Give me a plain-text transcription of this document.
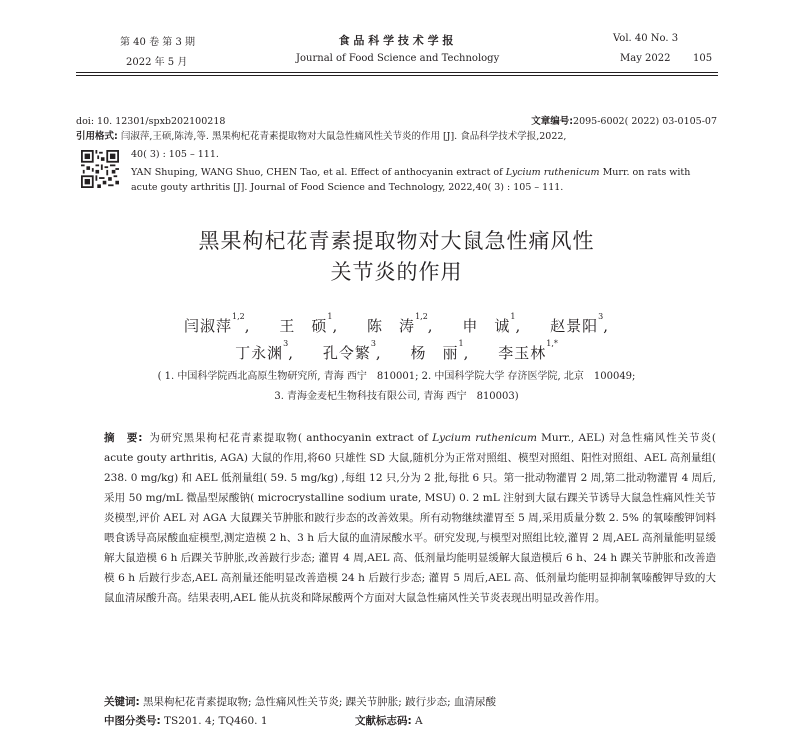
第 40 卷 第 3 期
2022 年 5 月
食 品 科 学 技 术 学 报
Journal of Food Science and Technology
Vol. 40 No. 3
May 2022 105
doi: 10. 12301/spxb202100218	文章编号:2095-6002( 2022) 03-0105-07
引用格式: 闫淑萍,王硕,陈涛,等. 黑果枸杞花青素提取物对大鼠急性痛风性关节炎的作用 [J]. 食品科学技术学报,2022,
40( 3) : 105 – 111.
YAN Shuping, WANG Shuo, CHEN Tao, et al. Effect of anthocyanin extract of Lycium ruthenicum Murr. on rats with
acute gouty arthritis [J]. Journal of Food Science and Technology, 2022,40( 3) : 105 – 111.
黑果枸杞花青素提取物对大鼠急性痛风性
关节炎的作用
闫淑萍$^{1,2}$,     王　硕$^1$,     陈　涛$^{1,2}$,     申　诚$^1$,     赵景阳$^3$,
丁永渊$^3$,     孔令繁$^3$,     杨　丽$^1$,     李玉林$^{1,*}$
( 1. 中国科学院西北高原生物研究所, 青海 西宁　810001; 2. 中国科学院大学 存济医学院, 北京　100049;
3. 青海金麦杞生物科技有限公司, 青海 西宁　810003)
摘　要: 为研究黑果枸杞花青素提取物( anthocyanin extract of Lycium ruthenicum Murr., AEL) 对急性痛风性关节炎( acute gouty arthritis, AGA) 大鼠的作用,将60 只雄性 SD 大鼠,随机分为正常对照组、模型对照组、阳性对照组、AEL 高剂量组( 238. 0 mg/kg) 和 AEL 低剂量组( 59. 5 mg/kg) ,每组 12 只,分为 2 批,每批 6 只。第一批动物灌胃 2 周,第二批动物灌胃 4 周后,采用 50 mg/mL 微晶型尿酸钠( microcrystalline sodium urate, MSU) 0. 2 mL 注射到大鼠右踝关节诱导大鼠急性痛风性关节炎模型,评价 AEL 对 AGA 大鼠踝关节肿胀和跛行步态的改善效果。所有动物继续灌胃至 5 周,采用质量分数 2. 5% 的氧嗪酸钾饲料喂食诱导高尿酸血症模型,测定造模 2 h、3 h 后大鼠的血清尿酸水平。研究发现,与模型对照组比较,灌胃 2 周,AEL 高剂量能明显缓解大鼠造模 6 h 后踝关节肿胀,改善跛行步态; 灌胃 4 周,AEL 高、低剂量均能明显缓解大鼠造模后 6 h、24 h 踝关节肿胀和改善造模 6 h 后跛行步态,AEL 高剂量还能明显改善造模 24 h 后跛行步态; 灌胃 5 周后,AEL 高、低剂量均能明显抑制氧嗪酸钾导致的大鼠血清尿酸升高。结果表明,AEL 能从抗炎和降尿酸两个方面对大鼠急性痛风性关节炎表现出明显改善作用。
关键词: 黑果枸杞花青素提取物; 急性痛风性关节炎; 踝关节肿胀; 跛行步态; 血清尿酸
中图分类号: TS201. 4; TQ460. 1	文献标志码: A
